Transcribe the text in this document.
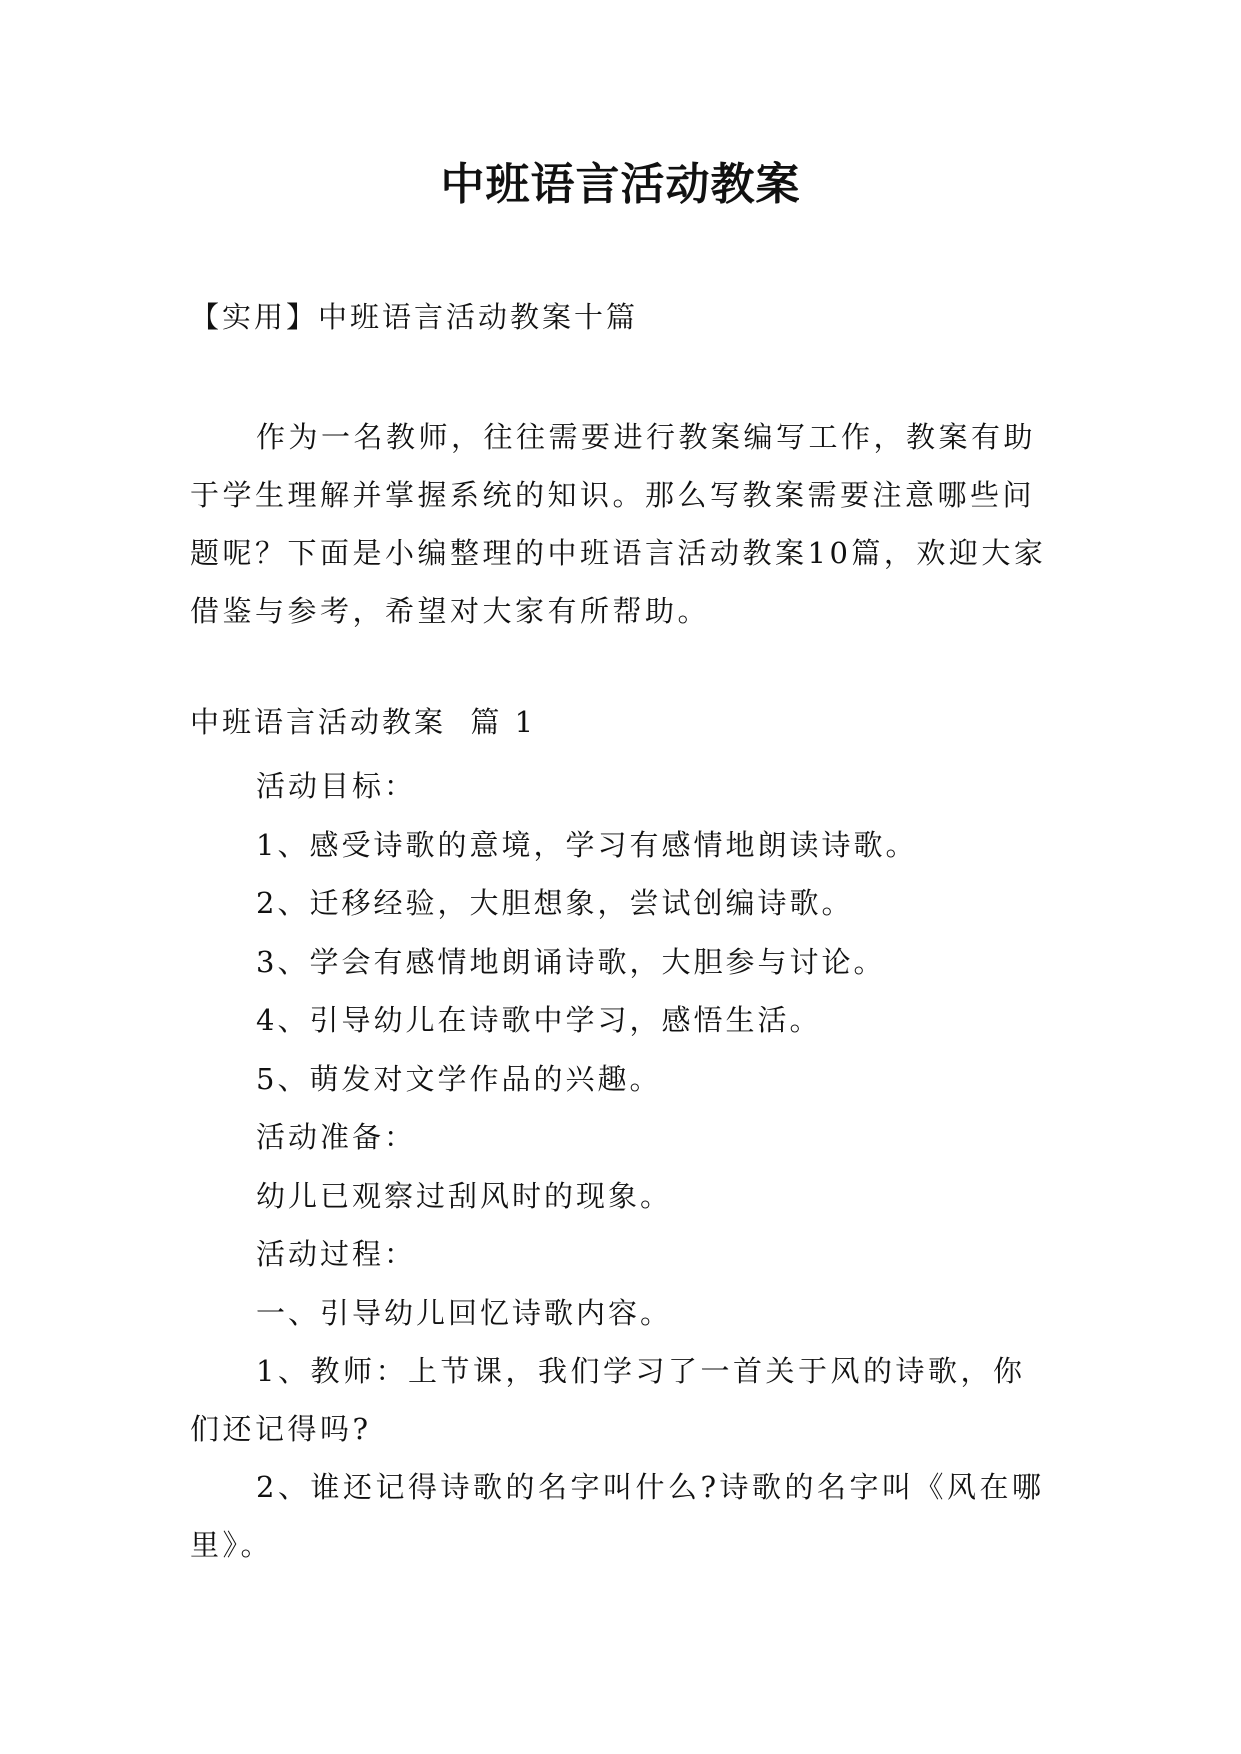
中班语言活动教案
【实用】中班语言活动教案十篇

作为一名教师，往往需要进行教案编写工作，教案有助于学生理解并掌握系统的知识。那么写教案需要注意哪些问题呢？下面是小编整理的中班语言活动教案10篇，欢迎大家借鉴与参考，希望对大家有所帮助。

中班语言活动教案  篇 1

活动目标：

1、感受诗歌的意境，学习有感情地朗读诗歌。

2、迁移经验，大胆想象，尝试创编诗歌。

3、学会有感情地朗诵诗歌，大胆参与讨论。

4、引导幼儿在诗歌中学习，感悟生活。

5、萌发对文学作品的兴趣。

活动准备：

幼儿已观察过刮风时的现象。

活动过程：

一、引导幼儿回忆诗歌内容。

1、教师：上节课，我们学习了一首关于风的诗歌，你们还记得吗?

2、谁还记得诗歌的名字叫什么?诗歌的名字叫《风在哪里》。
